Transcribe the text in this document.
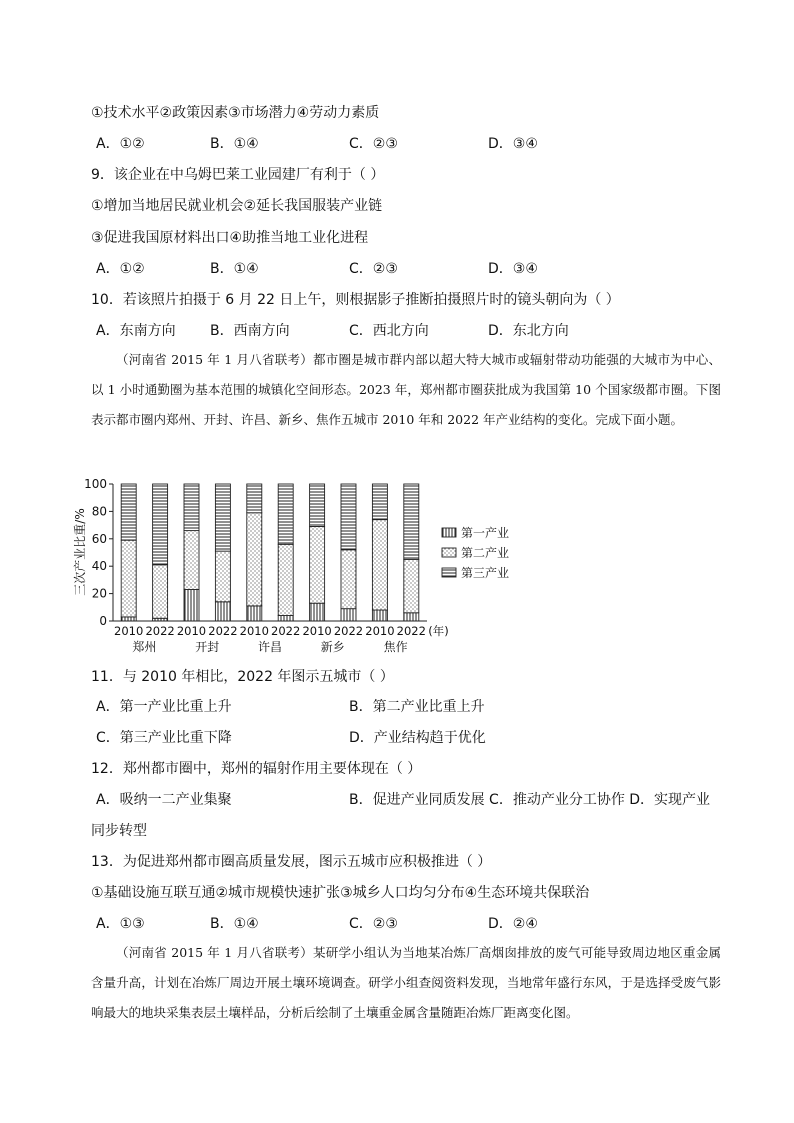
①技术水平②政策因素③市场潜力④劳动力素质
A．①②	B．①④	C．②③	D．③④
9．该企业在中乌姆巴莱工业园建厂有利于（ ）
①增加当地居民就业机会②延长我国服装产业链
③促进我国原材料出口④助推当地工业化进程
A．①②	B．①④	C．②③	D．③④
10．若该照片拍摄于 6 月 22 日上午，则根据影子推断拍摄照片时的镜头朝向为（ ）
A．东南方向 B．西南方向	C．西北方向	D．东北方向

（河南省 2015 年 1 月八省联考）都市圈是城市群内部以超大特大城市或辐射带动功能强的大城市为中心、以 1 小时通勤圈为基本范围的城镇化空间形态。2023 年，郑州都市圈获批成为我国第 10 个国家级都市圈。下图表示都市圈内郑州、开封、许昌、新乡、焦作五城市 2010 年和 2022 年产业结构的变化。完成下面小题。

三次产业比重/%
0
20
40
60
80
100
2010 2022 2010 2022 2010 2022 2010 2022 2010 2022 (年)
郑州	开封	许昌	新乡	焦作
第一产业
第二产业
第三产业
11．与 2010 年相比，2022 年图示五城市（ ）
A．第一产业比重上升	B．第二产业比重上升
C．第三产业比重下降	D．产业结构趋于优化
12．郑州都市圈中，郑州的辐射作用主要体现在（ ）
A．吸纳一二产业集聚	B．促进产业同质发展 C．推动产业分工协作 D．实现产业
同步转型
13．为促进郑州都市圈高质量发展，图示五城市应积极推进（ ）
①基础设施互联互通②城市规模快速扩张③城乡人口均匀分布④生态环境共保联治
A．①③	B．①④	C．②③	D．②④

（河南省 2015 年 1 月八省联考）某研学小组认为当地某冶炼厂高烟囱排放的废气可能导致周边地区重金属含量升高，计划在冶炼厂周边开展土壤环境调查。研学小组查阅资料发现，当地常年盛行东风，于是选择受废气影响最大的地块采集表层土壤样品，分析后绘制了土壤重金属含量随距冶炼厂距离变化图。
